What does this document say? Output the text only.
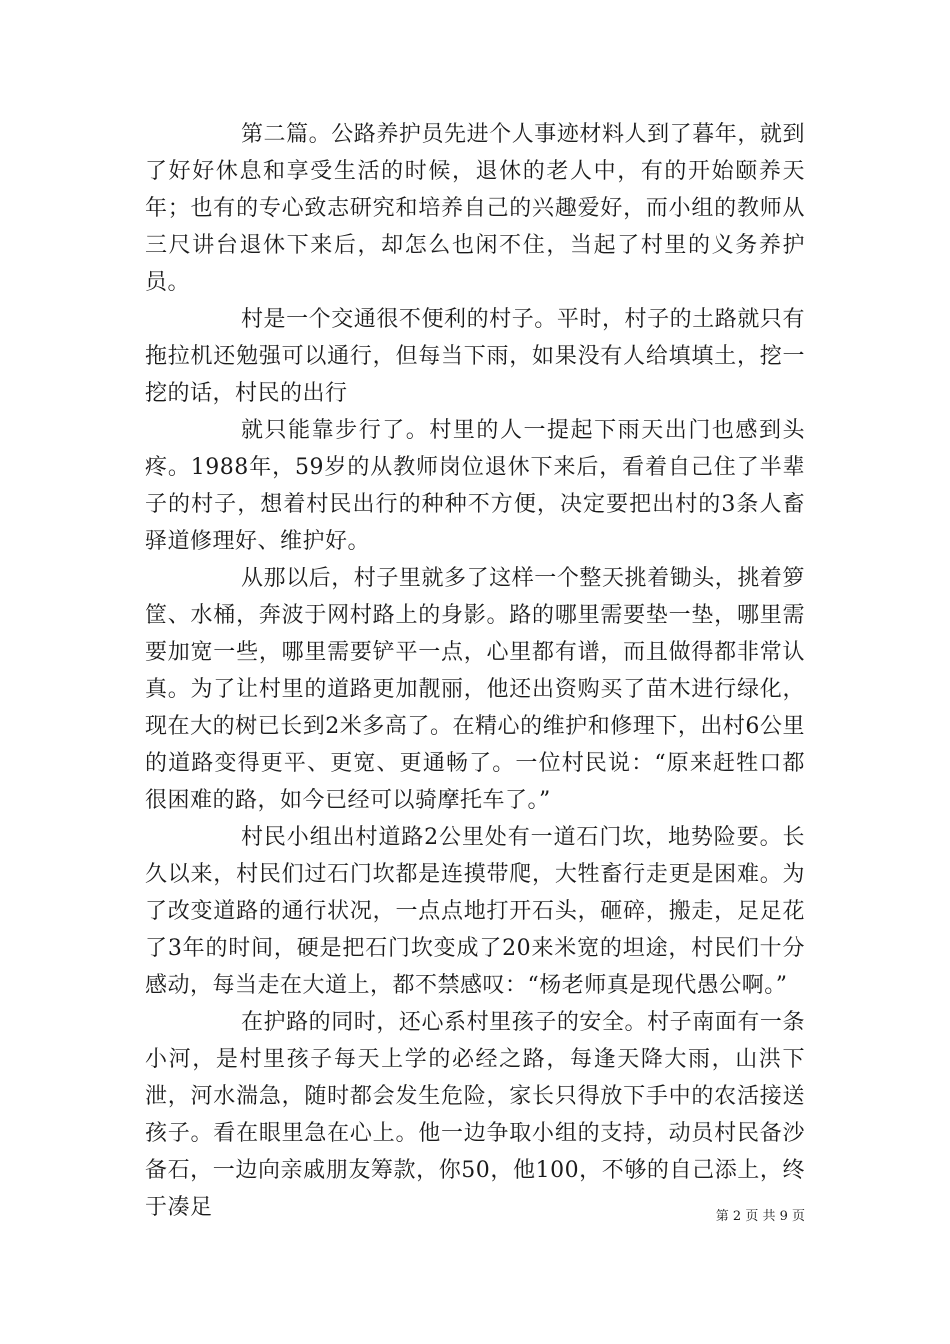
第二篇。公路养护员先进个人事迹材料人到了暮年，就到了好好休息和享受生活的时候，退休的老人中，有的开始颐养天年；也有的专心致志研究和培养自己的兴趣爱好，而小组的教师从三尺讲台退休下来后，却怎么也闲不住，当起了村里的义务养护员。

村是一个交通很不便利的村子。平时，村子的土路就只有拖拉机还勉强可以通行，但每当下雨，如果没有人给填填土，挖一挖的话，村民的出行

就只能靠步行了。村里的人一提起下雨天出门也感到头疼。1988年，59岁的从教师岗位退休下来后，看着自己住了半辈子的村子，想着村民出行的种种不方便，决定要把出村的3条人畜驿道修理好、维护好。

从那以后，村子里就多了这样一个整天挑着锄头，挑着箩筐、水桶，奔波于网村路上的身影。路的哪里需要垫一垫，哪里需要加宽一些，哪里需要铲平一点，心里都有谱，而且做得都非常认真。为了让村里的道路更加靓丽，他还出资购买了苗木进行绿化，现在大的树已长到2米多高了。在精心的维护和修理下，出村6公里的道路变得更平、更宽、更通畅了。一位村民说：“原来赶牲口都很困难的路，如今已经可以骑摩托车了。”

村民小组出村道路2公里处有一道石门坎，地势险要。长久以来，村民们过石门坎都是连摸带爬，大牲畜行走更是困难。为了改变道路的通行状况，一点点地打开石头，砸碎，搬走，足足花了3年的时间，硬是把石门坎变成了20来米宽的坦途，村民们十分感动，每当走在大道上，都不禁感叹：“杨老师真是现代愚公啊。”

在护路的同时，还心系村里孩子的安全。村子南面有一条小河，是村里孩子每天上学的必经之路，每逢天降大雨，山洪下泄，河水湍急，随时都会发生危险，家长只得放下手中的农活接送孩子。看在眼里急在心上。他一边争取小组的支持，动员村民备沙备石，一边向亲戚朋友筹款，你50，他100，不够的自己添上，终于凑足	第 2 页 共 9 页
